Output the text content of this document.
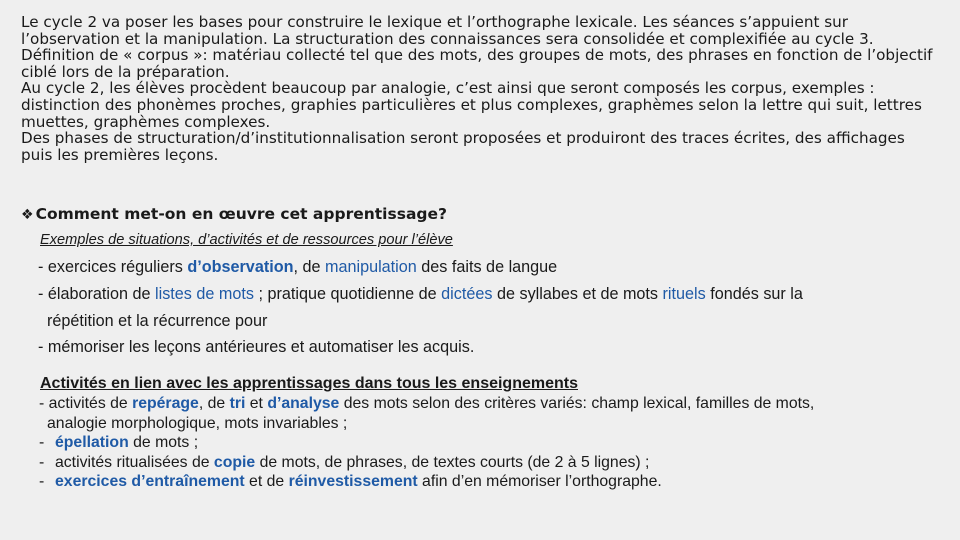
Le cycle 2 va poser les bases pour construire le lexique et l’orthographe lexicale. Les séances s’appuient sur l’observation et la manipulation. La structuration des connaissances sera consolidée et complexifiée au cycle 3. Définition de « corpus »: matériau collecté tel que des mots, des groupes de mots, des phrases en fonction de l’objectif ciblé lors de la préparation.

Au cycle 2, les élèves procèdent beaucoup par analogie, c’est ainsi que seront composés les corpus, exemples : distinction des phonèmes proches, graphies particulières et plus complexes, graphèmes selon la lettre qui suit, lettres muettes, graphèmes complexes.

Des phases de structuration/d’institutionnalisation seront proposées et produiront des traces écrites, des affichages puis les premières leçons.

❖ Comment met-on en œuvre cet apprentissage?
Exemples de situations, d’activités et de ressources pour l’élève
- exercices réguliers d’observation, de manipulation des faits de langue
- élaboration de listes de mots ; pratique quotidienne de dictées de syllabes et de mots rituels fondés sur la
répétition et la récurrence pour
- mémoriser les leçons antérieures et automatiser les acquis.
Activités en lien avec les apprentissages dans tous les enseignements
- activités de repérage, de tri et d’analyse des mots selon des critères variés: champ lexical, familles de mots,
analogie morphologique, mots invariables ;
- épellation de mots ;
- activités ritualisées de copie de mots, de phrases, de textes courts (de 2 à 5 lignes) ;
- exercices d’entraînement et de réinvestissement afin d’en mémoriser l’orthographe.
